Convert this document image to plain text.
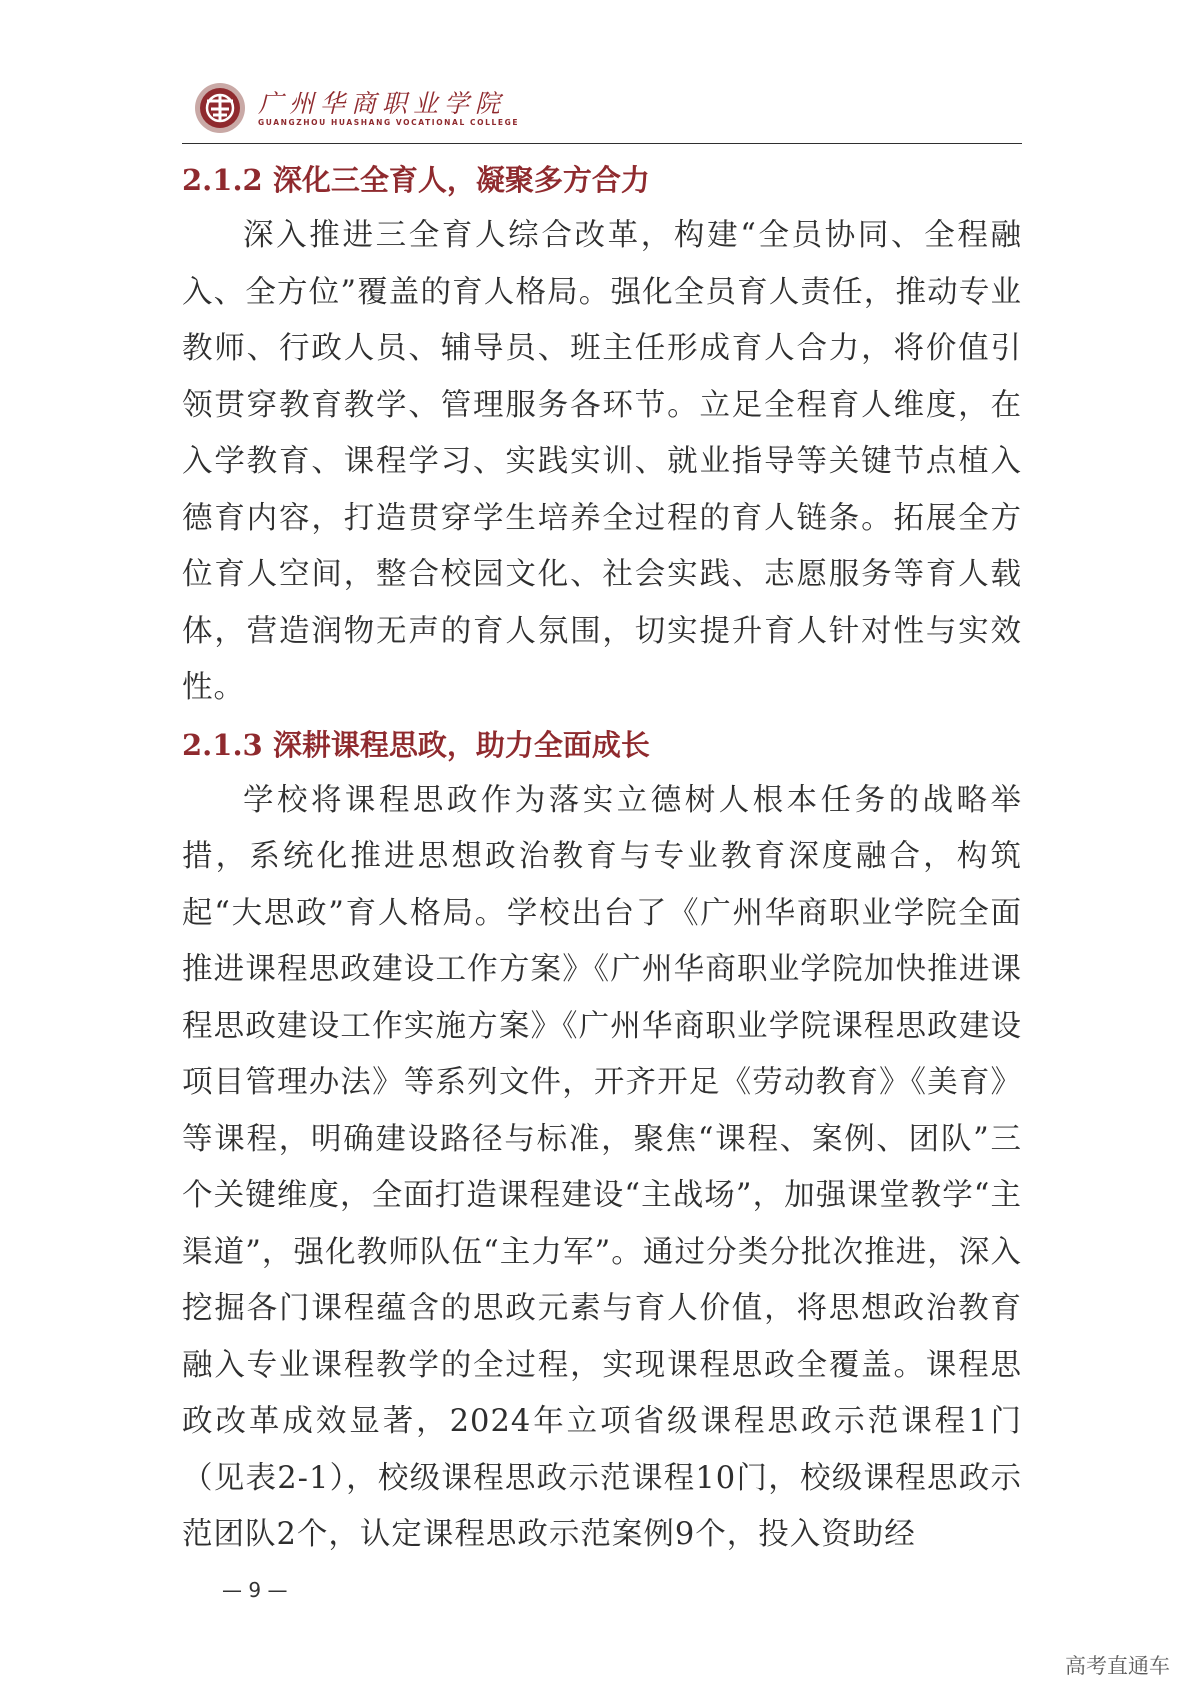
广州华商职业学院
GUANGZHOU HUASHANG VOCATIONAL COLLEGE
2.1.2 深化三全育人，凝聚多方合力

深入推进三全育人综合改革，构建“全员协同、全程融入、全方位”覆盖的育人格局。强化全员育人责任，推动专业教师、行政人员、辅导员、班主任形成育人合力，将价值引领贯穿教育教学、管理服务各环节。立足全程育人维度，在入学教育、课程学习、实践实训、就业指导等关键节点植入德育内容，打造贯穿学生培养全过程的育人链条。拓展全方位育人空间，整合校园文化、社会实践、志愿服务等育人载体，营造润物无声的育人氛围，切实提升育人针对性与实效性。

2.1.3 深耕课程思政，助力全面成长

学校将课程思政作为落实立德树人根本任务的战略举措，系统化推进思想政治教育与专业教育深度融合，构筑起“大思政”育人格局。学校出台了《广州华商职业学院全面推进课程思政建设工作方案》《广州华商职业学院加快推进课程思政建设工作实施方案》《广州华商职业学院课程思政建设项目管理办法》等系列文件，开齐开足《劳动教育》《美育》等课程，明确建设路径与标准，聚焦“课程、案例、团队”三个关键维度，全面打造课程建设“主战场”，加强课堂教学“主渠道”，强化教师队伍“主力军”。通过分类分批次推进，深入挖掘各门课程蕴含的思政元素与育人价值，将思想政治教育融入专业课程教学的全过程，实现课程思政全覆盖。课程思政改革成效显著，2024年立项省级课程思政示范课程1门（见表2-1），校级课程思政示范课程10门，校级课程思政示范团队2个，认定课程思政示范案例9个，投入资助经

— 9 —
高考直通车
